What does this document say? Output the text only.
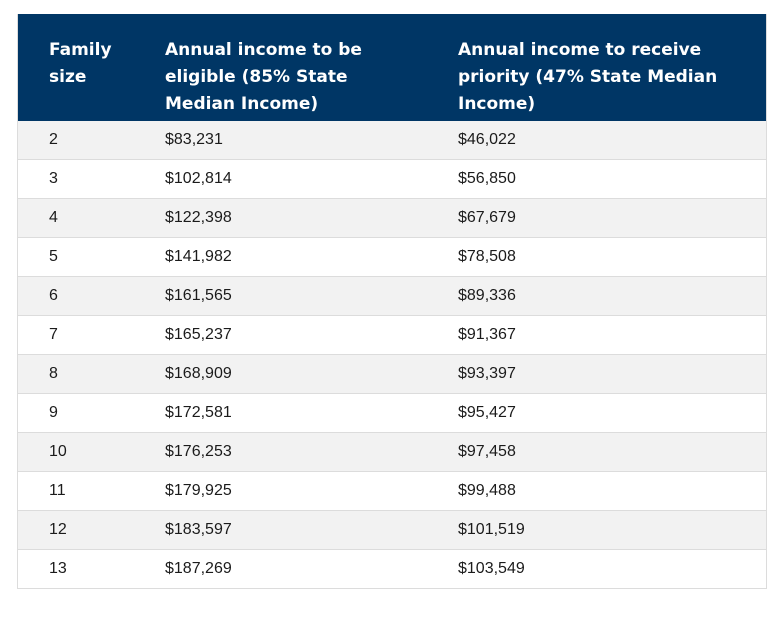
Family size	Annual income to be eligible (85% State Median Income)	Annual income to receive priority (47% State Median Income)
2	$83,231	$46,022
3	$102,814	$56,850
4	$122,398	$67,679
5	$141,982	$78,508
6	$161,565	$89,336
7	$165,237	$91,367
8	$168,909	$93,397
9	$172,581	$95,427
10	$176,253	$97,458
11	$179,925	$99,488
12	$183,597	$101,519
13	$187,269	$103,549
